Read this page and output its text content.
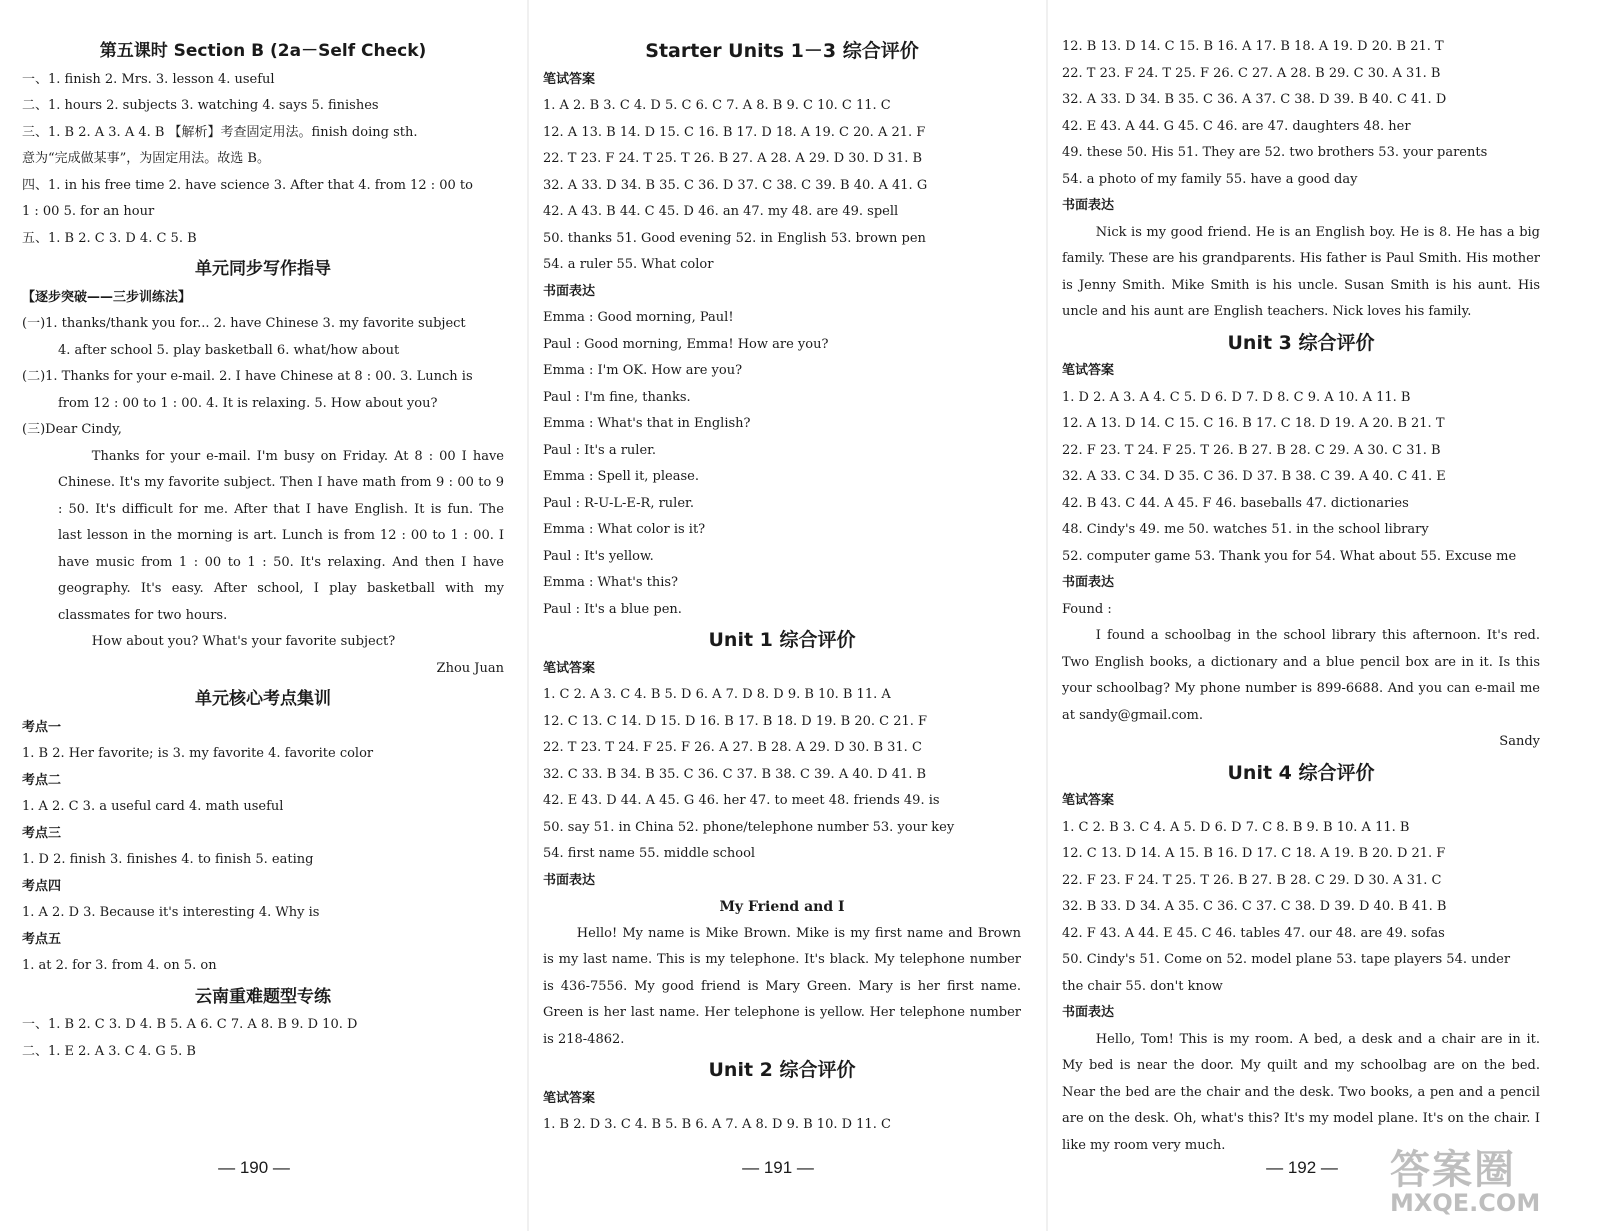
第五课时 Section B (2a－Self Check)
一、1. finish 2. Mrs. 3. lesson 4. useful
二、1. hours 2. subjects 3. watching 4. says 5. finishes
三、1. B 2. A 3. A 4. B 【解析】考查固定用法。finish doing sth.
意为“完成做某事”，为固定用法。故选 B。
四、1. in his free time 2. have science 3. After that 4. from 12 : 00 to
1 : 00 5. for an hour
五、1. B 2. C 3. D 4. C 5. B
单元同步写作指导
【逐步突破——三步训练法】
(一)1. thanks/thank you for... 2. have Chinese 3. my favorite subject
4. after school 5. play basketball 6. what/how about
(二)1. Thanks for your e-mail. 2. I have Chinese at 8 : 00. 3. Lunch is
from 12 : 00 to 1 : 00. 4. It is relaxing. 5. How about you?
(三)Dear Cindy,
Thanks for your e-mail. I'm busy on Friday. At 8 : 00 I have Chinese. It's my favorite subject. Then I have math from 9 : 00 to 9 : 50. It's difficult for me. After that I have English. It is fun. The last lesson in the morning is art. Lunch is from 12 : 00 to 1 : 00. I have music from 1 : 00 to 1 : 50. It's relaxing. And then I have geography. It's easy. After school, I play basketball with my classmates for two hours.
How about you? What's your favorite subject?
Zhou Juan
单元核心考点集训
考点一
1. B 2. Her favorite; is 3. my favorite 4. favorite color
考点二
1. A 2. C 3. a useful card 4. math useful
考点三
1. D 2. finish 3. finishes 4. to finish 5. eating
考点四
1. A 2. D 3. Because it's interesting 4. Why is
考点五
1. at 2. for 3. from 4. on 5. on
云南重难题型专练
一、1. B 2. C 3. D 4. B 5. A 6. C 7. A 8. B 9. D 10. D
二、1. E 2. A 3. C 4. G 5. B
Starter Units 1－3 综合评价
笔试答案
1. A 2. B 3. C 4. D 5. C 6. C 7. A 8. B 9. C 10. C 11. C
12. A 13. B 14. D 15. C 16. B 17. D 18. A 19. C 20. A 21. F
22. T 23. F 24. T 25. T 26. B 27. A 28. A 29. D 30. D 31. B
32. A 33. D 34. B 35. C 36. D 37. C 38. C 39. B 40. A 41. G
42. A 43. B 44. C 45. D 46. an 47. my 48. are 49. spell
50. thanks 51. Good evening 52. in English 53. brown pen
54. a ruler 55. What color
书面表达
Emma : Good morning, Paul!
Paul : Good morning, Emma! How are you?
Emma : I'm OK. How are you?
Paul : I'm fine, thanks.
Emma : What's that in English?
Paul : It's a ruler.
Emma : Spell it, please.
Paul : R-U-L-E-R, ruler.
Emma : What color is it?
Paul : It's yellow.
Emma : What's this?
Paul : It's a blue pen.
Unit 1 综合评价
笔试答案
1. C 2. A 3. C 4. B 5. D 6. A 7. D 8. D 9. B 10. B 11. A
12. C 13. C 14. D 15. D 16. B 17. B 18. D 19. B 20. C 21. F
22. T 23. T 24. F 25. F 26. A 27. B 28. A 29. D 30. B 31. C
32. C 33. B 34. B 35. C 36. C 37. B 38. C 39. A 40. D 41. B
42. E 43. D 44. A 45. G 46. her 47. to meet 48. friends 49. is
50. say 51. in China 52. phone/telephone number 53. your key
54. first name 55. middle school
书面表达
My Friend and I
Hello! My name is Mike Brown. Mike is my first name and Brown is my last name. This is my telephone. It's black. My telephone number is 436-7556. My good friend is Mary Green. Mary is her first name. Green is her last name. Her telephone is yellow. Her telephone number is 218-4862.
Unit 2 综合评价
笔试答案
1. B 2. D 3. C 4. B 5. B 6. A 7. A 8. D 9. B 10. D 11. C
12. B 13. D 14. C 15. B 16. A 17. B 18. A 19. D 20. B 21. T
22. T 23. F 24. T 25. F 26. C 27. A 28. B 29. C 30. A 31. B
32. A 33. D 34. B 35. C 36. A 37. C 38. D 39. B 40. C 41. D
42. E 43. A 44. G 45. C 46. are 47. daughters 48. her
49. these 50. His 51. They are 52. two brothers 53. your parents
54. a photo of my family 55. have a good day
书面表达
Nick is my good friend. He is an English boy. He is 8. He has a big family. These are his grandparents. His father is Paul Smith. His mother is Jenny Smith. Mike Smith is his uncle. Susan Smith is his aunt. His uncle and his aunt are English teachers. Nick loves his family.
Unit 3 综合评价
笔试答案
1. D 2. A 3. A 4. C 5. D 6. D 7. D 8. C 9. A 10. A 11. B
12. A 13. D 14. C 15. C 16. B 17. C 18. D 19. A 20. B 21. T
22. F 23. T 24. F 25. T 26. B 27. B 28. C 29. A 30. C 31. B
32. A 33. C 34. D 35. C 36. D 37. B 38. C 39. A 40. C 41. E
42. B 43. C 44. A 45. F 46. baseballs 47. dictionaries
48. Cindy's 49. me 50. watches 51. in the school library
52. computer game 53. Thank you for 54. What about 55. Excuse me
书面表达
Found :
I found a schoolbag in the school library this afternoon. It's red. Two English books, a dictionary and a blue pencil box are in it. Is this your schoolbag? My phone number is 899-6688. And you can e-mail me at sandy@gmail.com.
Sandy
Unit 4 综合评价
笔试答案
1. C 2. B 3. C 4. A 5. D 6. D 7. C 8. B 9. B 10. A 11. B
12. C 13. D 14. A 15. B 16. D 17. C 18. A 19. B 20. D 21. F
22. F 23. F 24. T 25. T 26. B 27. B 28. C 29. D 30. A 31. C
32. B 33. D 34. A 35. C 36. C 37. C 38. D 39. D 40. B 41. B
42. F 43. A 44. E 45. C 46. tables 47. our 48. are 49. sofas
50. Cindy's 51. Come on 52. model plane 53. tape players 54. under
the chair 55. don't know
书面表达
Hello, Tom! This is my room. A bed, a desk and a chair are in it. My bed is near the door. My quilt and my schoolbag are on the bed. Near the bed are the chair and the desk. Two books, a pen and a pencil are on the desk. Oh, what's this? It's my model plane. It's on the chair. I like my room very much.
— 190 —	— 191 —	— 192 —	答案圈
MXQE.COM
